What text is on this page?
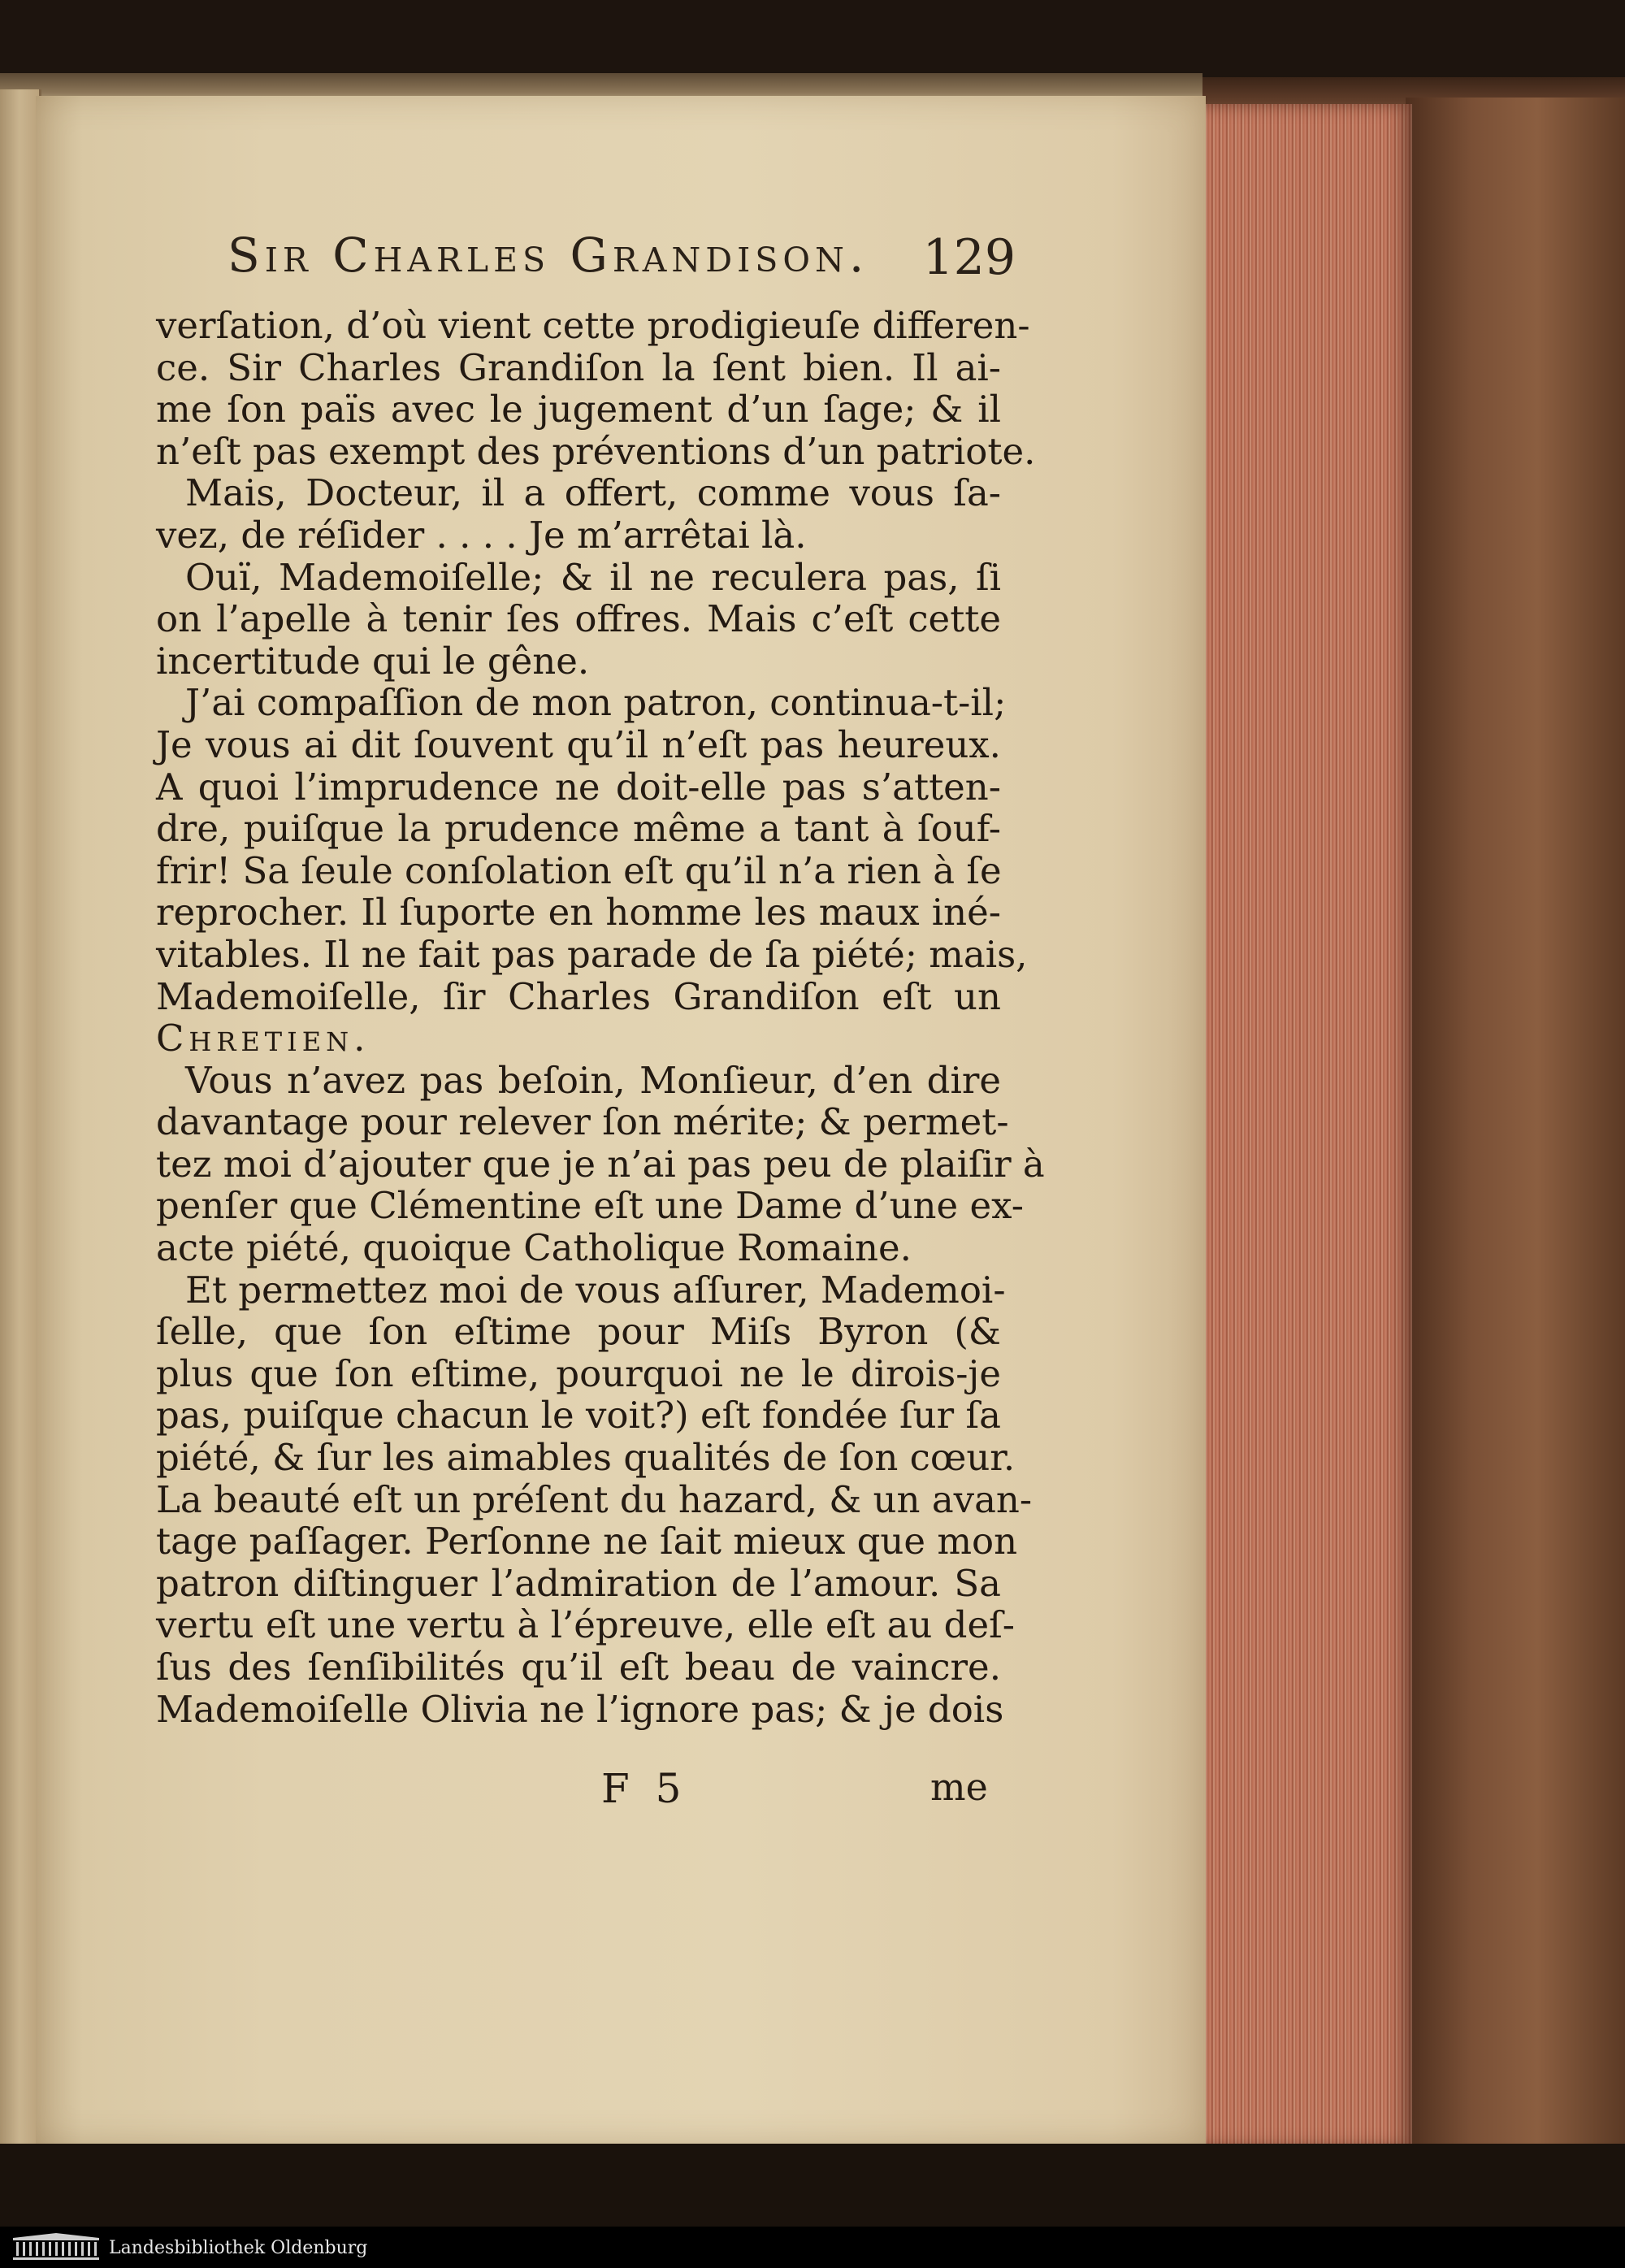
Sir Charles Grandison.	129
verſation, d’où vient cette prodigieuſe differen-
ce. Sir Charles Grandiſon la ſent bien. Il ai-
me ſon païs avec le jugement d’un ſage; & il
n’eſt pas exempt des préventions d’un patriote.
Mais, Docteur, il a offert, comme vous ſa-
vez, de réſider . . . . Je m’arrêtai là.
Ouï, Mademoiſelle; & il ne reculera pas, ſi
on l’apelle à tenir ſes offres. Mais c’eſt cette
incertitude qui le gêne.
J’ai compaſſion de mon patron, continua-t-il;
Je vous ai dit ſouvent qu’il n’eſt pas heureux.
A quoi l’imprudence ne doit-elle pas s’atten-
dre, puiſque la prudence même a tant à ſouf-
frir! Sa ſeule conſolation eſt qu’il n’a rien à ſe
reprocher. Il ſuporte en homme les maux iné-
vitables. Il ne fait pas parade de ſa piété; mais,
Mademoiſelle, ſir Charles Grandiſon eſt un
Chretien.
Vous n’avez pas beſoin, Monſieur, d’en dire
davantage pour relever ſon mérite; & permet-
tez moi d’ajouter que je n’ai pas peu de plaiſir à
penſer que Clémentine eſt une Dame d’une ex-
acte piété, quoique Catholique Romaine.
Et permettez moi de vous aſſurer, Mademoi-
ſelle, que ſon eſtime pour Miſs Byron (&
plus que ſon eſtime, pourquoi ne le dirois-je
pas, puiſque chacun le voit?) eſt fondée ſur ſa
piété, & ſur les aimables qualités de ſon cœur.
La beauté eſt un préſent du hazard, & un avan-
tage paſſager. Perſonne ne ſait mieux que mon
patron diſtinguer l’admiration de l’amour. Sa
vertu eſt une vertu à l’épreuve, elle eſt au deſ-
ſus des ſenſibilités qu’il eſt beau de vaincre.
Mademoiſelle Olivia ne l’ignore pas; & je dois
F 5	me
Landesbibliothek Oldenburg
